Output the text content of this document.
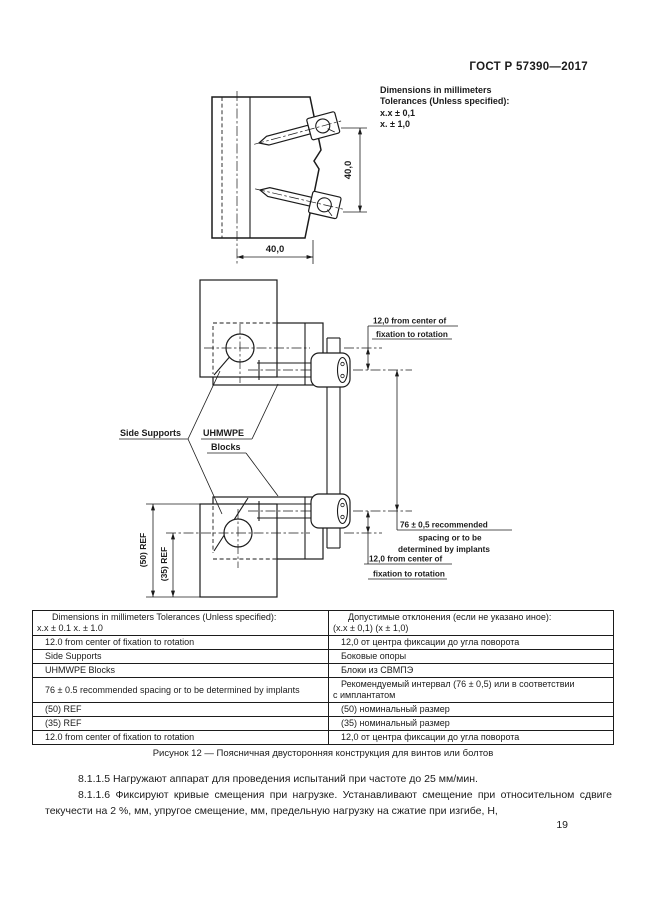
ГОСТ Р 57390—2017
Dimensions in millimeters
Tolerances (Unless specified):
x.x ± 0,1
x. ± 1,0
40,0
40,0
Side Supports UHMWPE
Blocks
12,0 from center of
fixation to rotation
76 ± 0,5 recommended
spacing or to be
determined by implants
12,0 from center of
fixation to rotation
(50) REF (35) REF
Dimensions in millimeters Tolerances (Unless specified):
x.x ± 0.1 x. ± 1.0	Допустимые отклонения (если не указано иное):
(x.x ± 0,1) (x ± 1,0)

12.0 from center of fixation to rotation	12,0 от центра фиксации до угла поворота

Side Supports	Боковые опоры

UHMWPE Blocks	Блоки из СВМПЭ

76 ± 0.5 recommended spacing or to be determined by implants	Рекомендуемый интервал (76 ± 0,5) или в соответствии
с имплантатом

(50) REF	(50) номинальный размер

(35) REF	(35) номинальный размер

12.0 from center of fixation to rotation	12,0 от центра фиксации до угла поворота
Рисунок 12 — Поясничная двусторонняя конструкция для винтов или болтов

8.1.1.5 Нагружают аппарат для проведения испытаний при частоте до 25 мм/мин.

8.1.1.6 Фиксируют кривые смещения при нагрузке. Устанавливают смещение при относительном сдвиге текучести на 2 %, мм, упругое смещение, мм, предельную нагрузку на сжатие при изгибе, Н,

19
